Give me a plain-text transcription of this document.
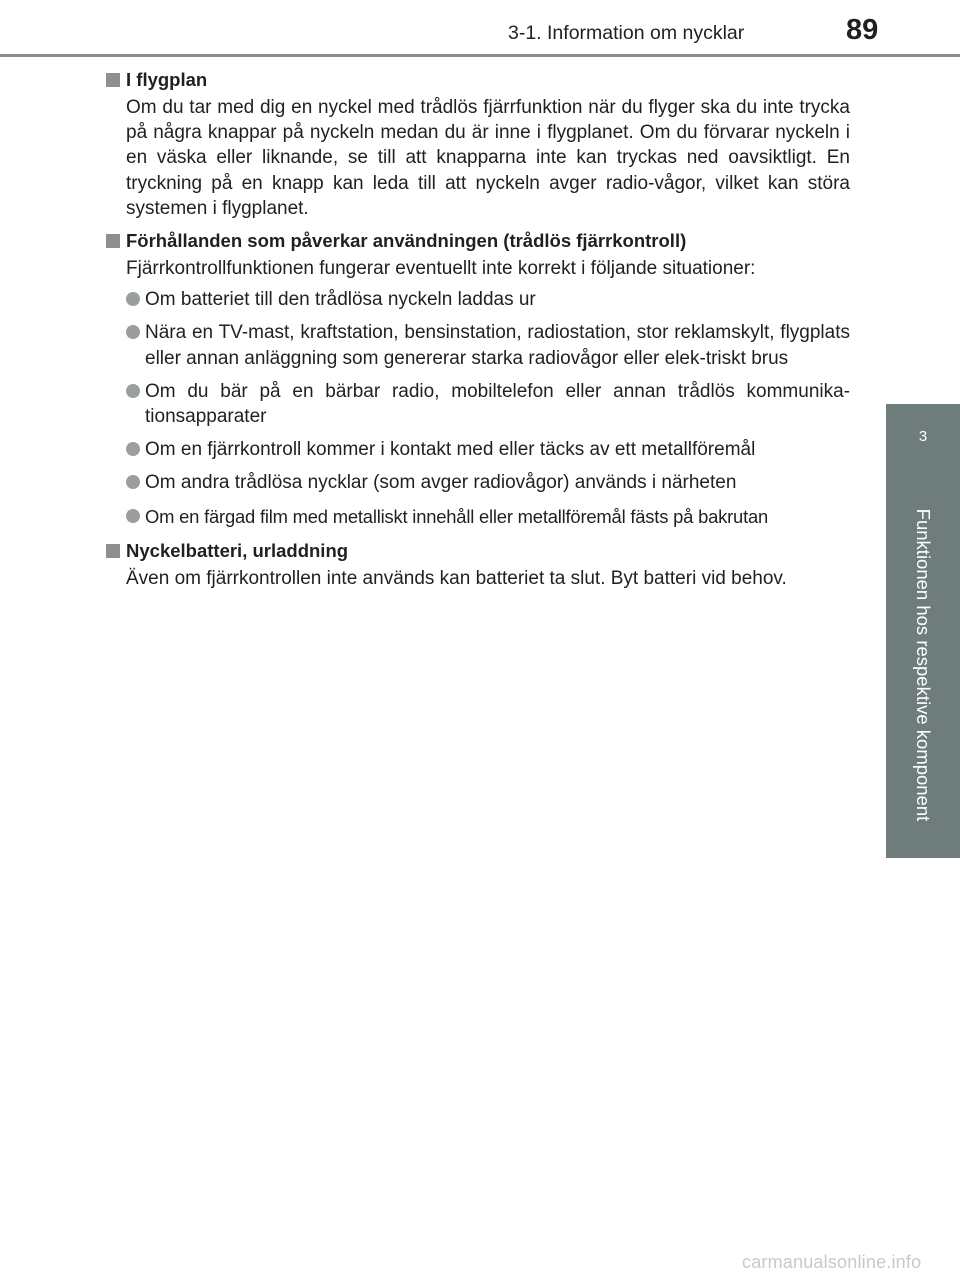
3-1. Information om nycklar	89
3
Funktionen hos respektive komponent
I flygplan
Om du tar med dig en nyckel med trådlös fjärrfunktion när du flyger ska du inte trycka på några knappar på nyckeln medan du är inne i flygplanet. Om du förvarar nyckeln i en väska eller liknande, se till att knapparna inte kan tryckas ned oavsiktligt. En tryckning på en knapp kan leda till att nyckeln avger radio-vågor, vilket kan störa systemen i flygplanet.
Förhållanden som påverkar användningen (trådlös fjärrkontroll)
Fjärrkontrollfunktionen fungerar eventuellt inte korrekt i följande situationer:
Om batteriet till den trådlösa nyckeln laddas ur
Nära en TV-mast, kraftstation, bensinstation, radiostation, stor reklamskylt, flygplats eller annan anläggning som genererar starka radiovågor eller elek-triskt brus
Om du bär på en bärbar radio, mobiltelefon eller annan trådlös kommunika-tionsapparater
Om en fjärrkontroll kommer i kontakt med eller täcks av ett metallföremål
Om andra trådlösa nycklar (som avger radiovågor) används i närheten
Om en färgad film med metalliskt innehåll eller metallföremål fästs på bakrutan
Nyckelbatteri, urladdning
Även om fjärrkontrollen inte används kan batteriet ta slut. Byt batteri vid behov.
carmanualsonline.info
